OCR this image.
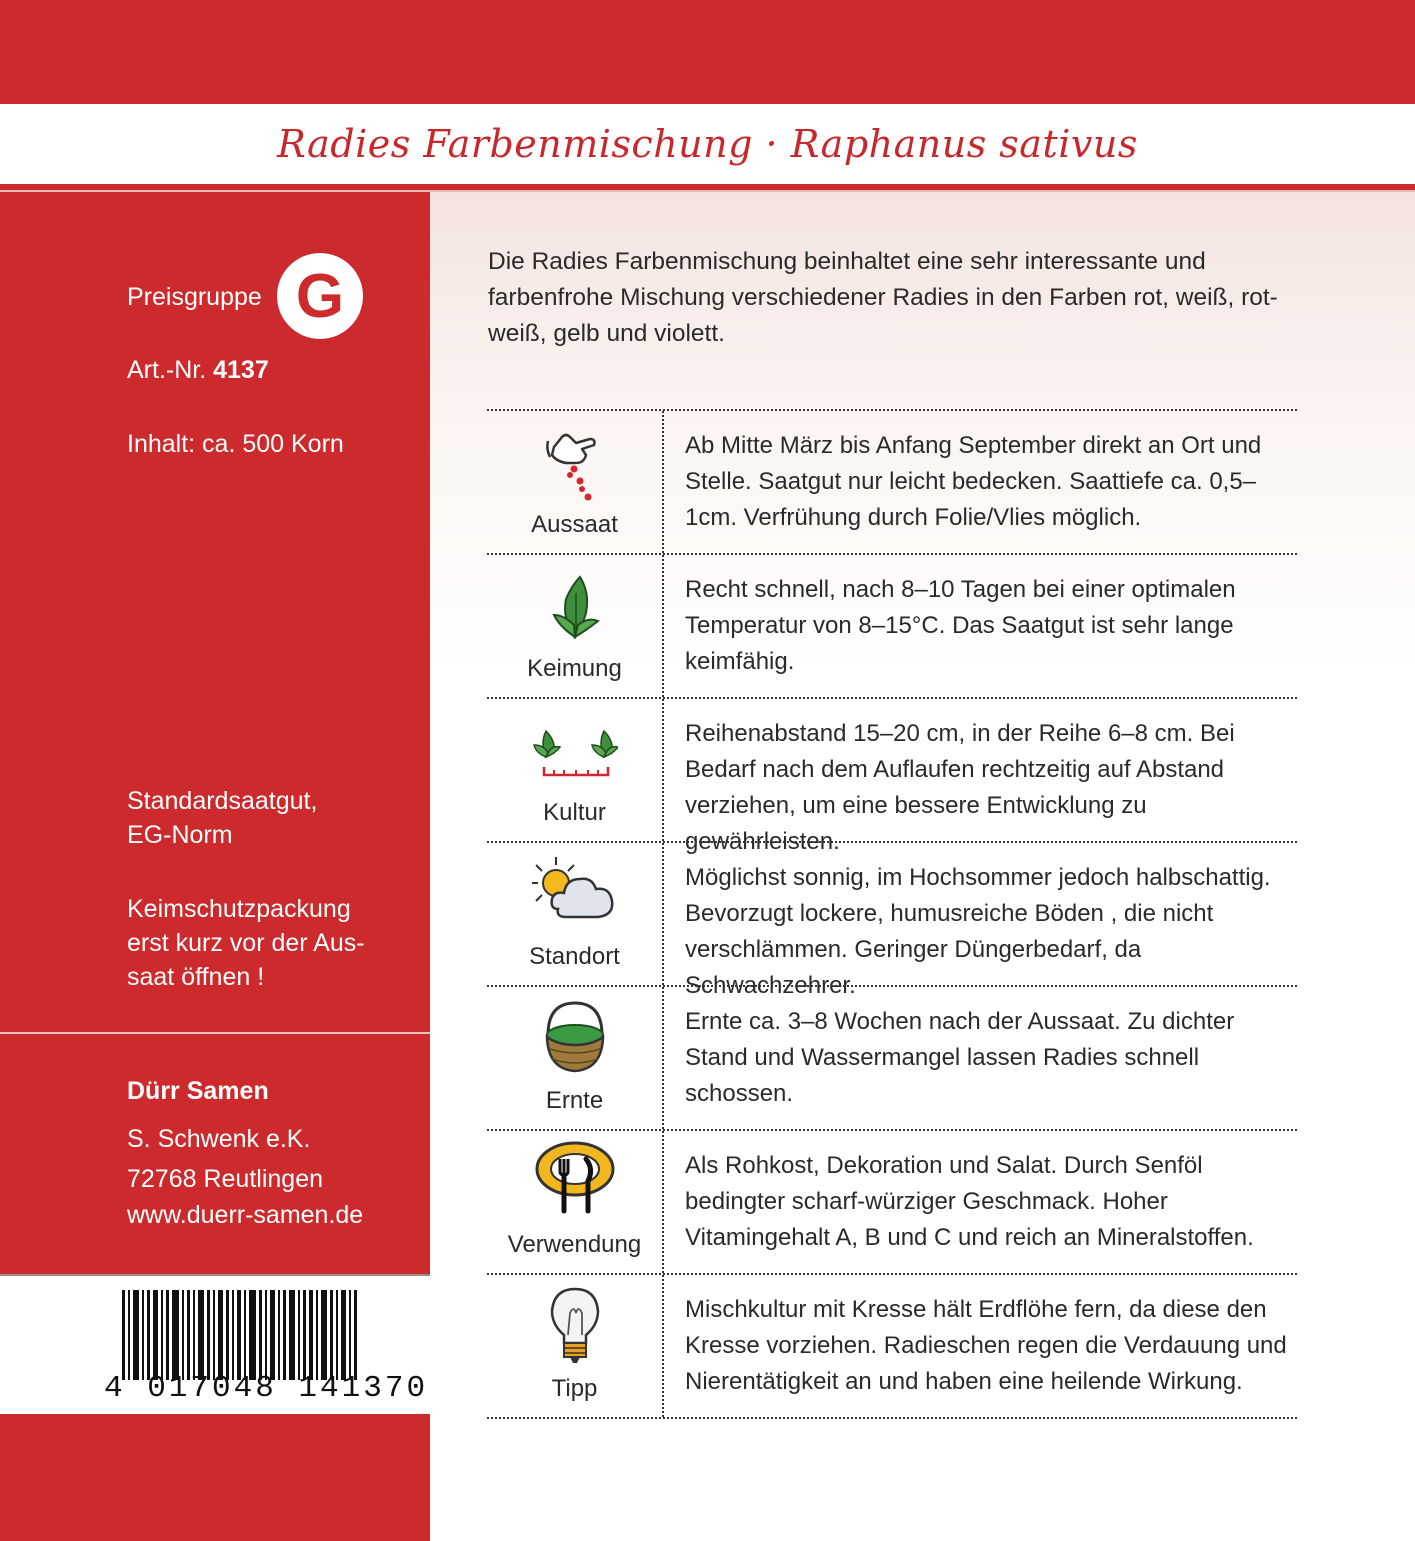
Radies Farbenmischung · Raphanus sativus
Preisgruppe G
Art.-Nr. 4137
Inhalt: ca. 500 Korn
Standardsaatgut,
EG-Norm
Keimschutzpackung
erst kurz vor der Aus-
saat öffnen !
Dürr Samen
S. Schwenk e.K.
72768 Reutlingen
www.duerr-samen.de
4 017048 141370
Die Radies Farbenmischung beinhaltet eine sehr interessante und farbenfrohe Mischung verschiedener Radies in den Farben rot, weiß, rot-weiß, gelb und violett.
Aussaat
Ab Mitte März bis Anfang September direkt an Ort und Stelle. Saatgut nur leicht bedecken. Saattiefe ca. 0,5–1cm. Verfrühung durch Folie/Vlies möglich.
Keimung
Recht schnell, nach 8–10 Tagen bei einer optimalen Temperatur von 8–15°C. Das Saatgut ist sehr lange keimfähig.
Kultur
Reihenabstand 15–20 cm, in der Reihe 6–8 cm. Bei Bedarf nach dem Auflaufen rechtzeitig auf Abstand verziehen, um eine bessere Entwicklung zu gewährleisten.
Standort
Möglichst sonnig, im Hochsommer jedoch halbschattig. Bevorzugt lockere, humusreiche Böden , die nicht verschlämmen. Geringer Düngerbedarf, da Schwachzehrer.
Ernte
Ernte ca. 3–8 Wochen nach der Aussaat. Zu dichter Stand und Wassermangel lassen Radies schnell schossen.
Verwendung
Als Rohkost, Dekoration und Salat. Durch Senföl bedingter scharf-würziger Geschmack. Hoher Vitamingehalt A, B und C und reich an Mineralstoffen.
Tipp
Mischkultur mit Kresse hält Erdflöhe fern, da diese den Kresse vorziehen. Radieschen regen die Verdauung und Nierentätigkeit an und haben eine heilende Wirkung.
